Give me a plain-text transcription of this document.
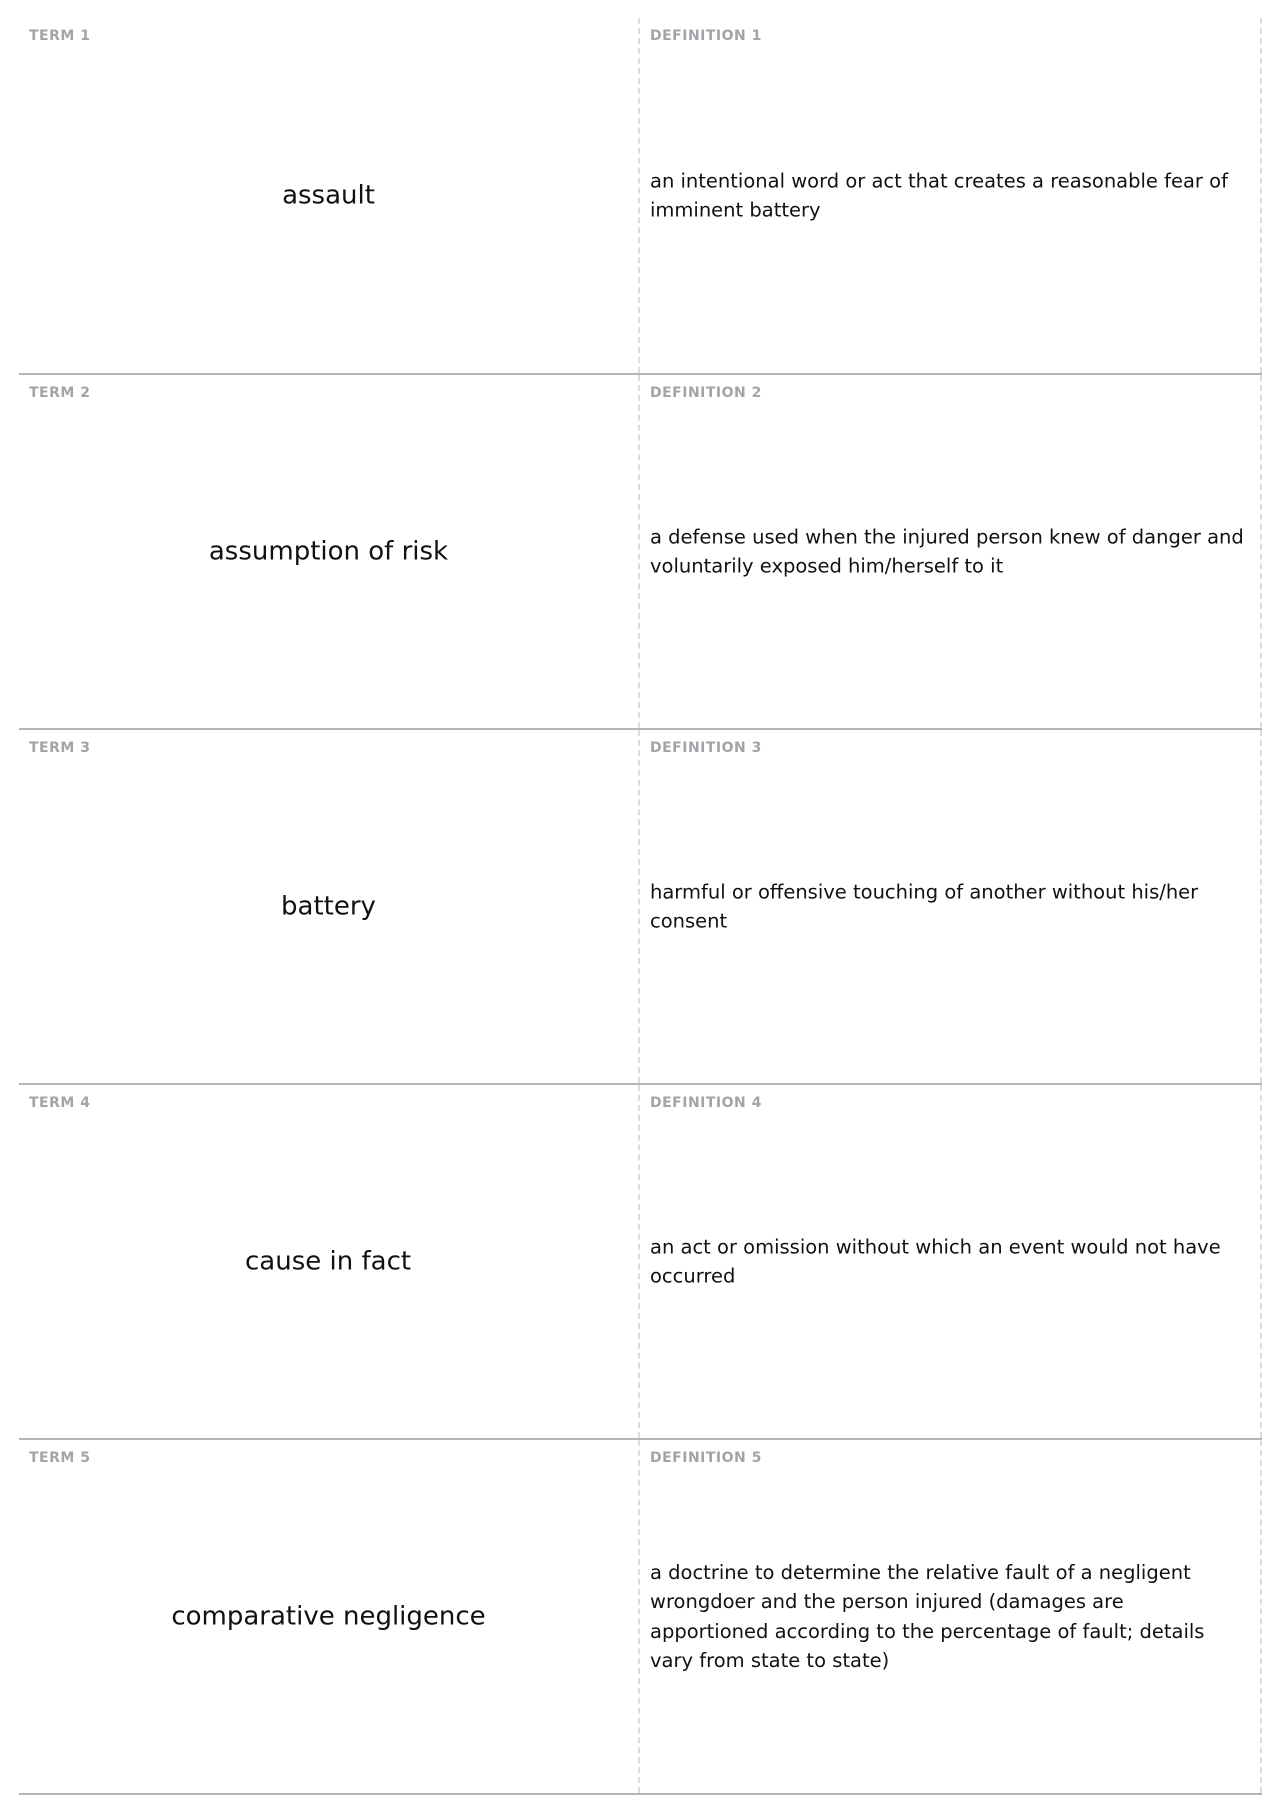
TERM 1
assault
DEFINITION 1
an intentional word or act that creates a reasonable fear of imminent battery
TERM 2
assumption of risk
DEFINITION 2
a defense used when the injured person knew of danger and voluntarily exposed him/herself to it
TERM 3
battery
DEFINITION 3
harmful or offensive touching of another without his/her consent
TERM 4
cause in fact
DEFINITION 4
an act or omission without which an event would not have occurred
TERM 5
comparative negligence
DEFINITION 5
a doctrine to determine the relative fault of a negligent wrongdoer and the person injured (damages are apportioned according to the percentage of fault; details vary from state to state)
